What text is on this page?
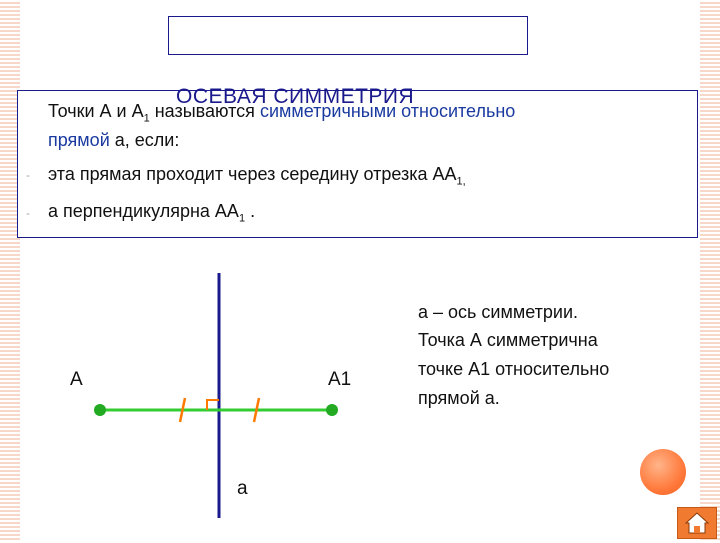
ОСЕВАЯ СИММЕТРИЯ
Точки А и $А_1$ называются симметричными относительно
прямой а, если:
- эта прямая проходит через середину отрезка $АА_{1,}$
- а перпендикулярна $АА_1$ .
А	А1
а
а – ось симметрии.
Точка А симметрична
точке А1 относительно
прямой а.
